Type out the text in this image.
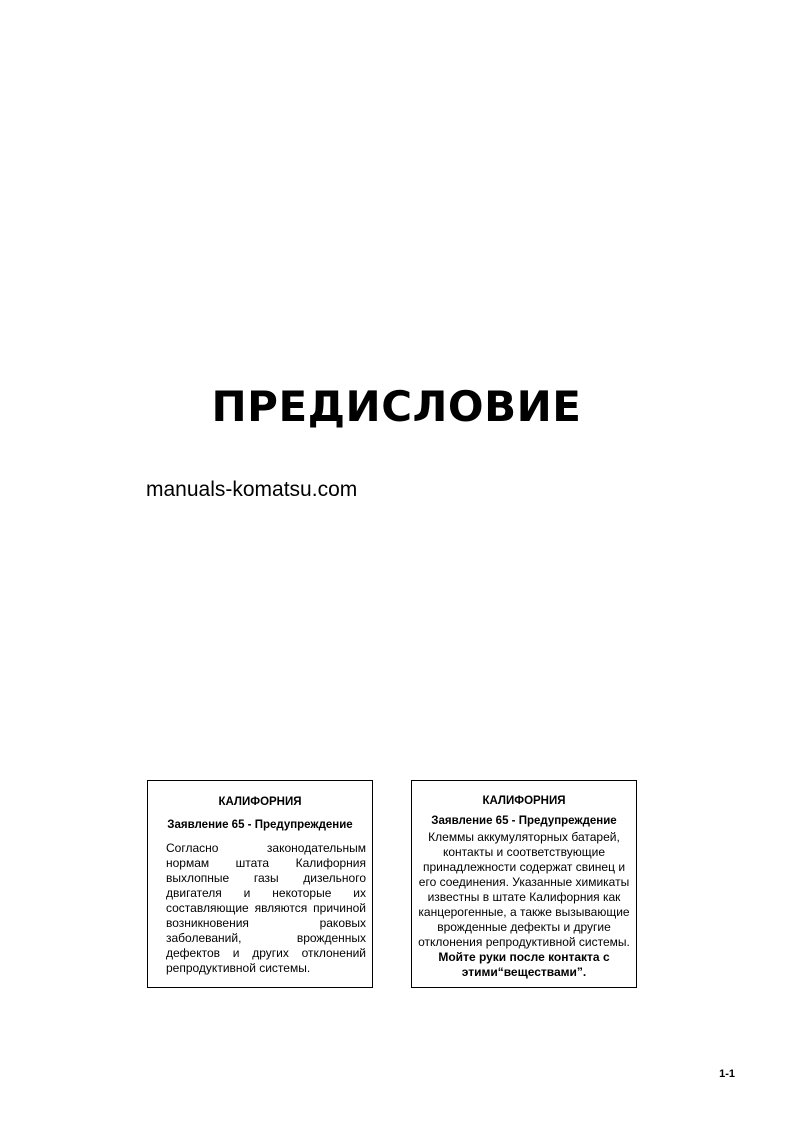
ПРЕДИСЛОВИЕ
manuals-komatsu.com
КАЛИФОРНИЯ
Заявление 65 - Предупреждение
Согласно законодательным нормам штата Калифорния выхлопные газы дизельного двигателя и некоторые их составляющие являются причиной возникновения раковых заболеваний, врожденных дефектов и других отклонений репродуктивной системы.
КАЛИФОРНИЯ
Заявление 65 - Предупреждение
Клеммы аккумуляторных батарей, контакты и соответствующие принадлежности содержат свинец и его соединения. Указанные химикаты известны в штате Калифорния как канцерогенные, а также вызывающие врожденные дефекты и другие отклонения репродуктивной системы.
Мойте руки после контакта с этими“веществами”.
1-1
